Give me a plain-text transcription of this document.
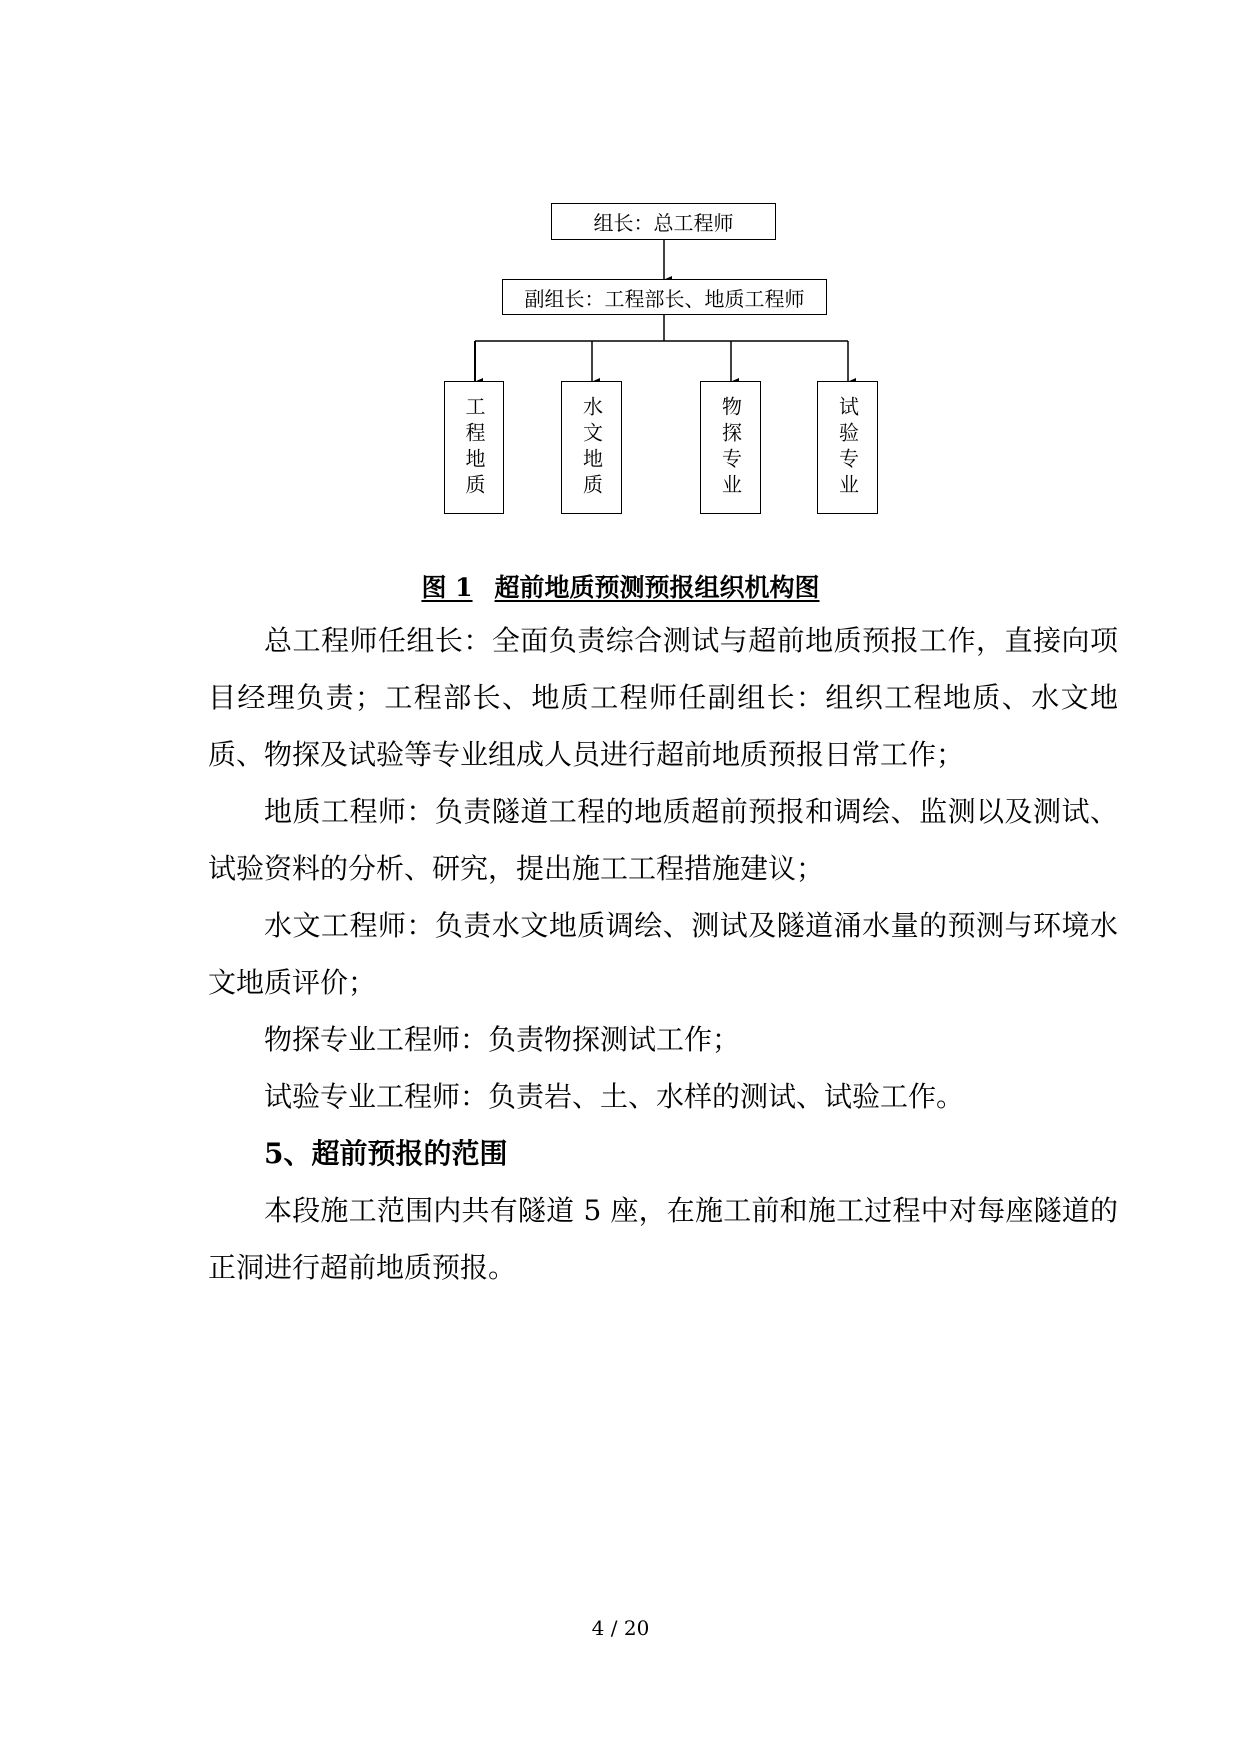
组长：总工程师
副组长：工程部长、地质工程师
工程地质	水文地质	物探专业	试验专业
图 1 超前地质预测预报组织机构图

总工程师任组长：全面负责综合测试与超前地质预报工作，直接向项目经理负责；工程部长、地质工程师任副组长：组织工程地质、水文地质、物探及试验等专业组成人员进行超前地质预报日常工作；

地质工程师：负责隧道工程的地质超前预报和调绘、监测以及测试、试验资料的分析、研究，提出施工工程措施建议；

水文工程师：负责水文地质调绘、测试及隧道涌水量的预测与环境水文地质评价；

物探专业工程师：负责物探测试工作；

试验专业工程师：负责岩、土、水样的测试、试验工作。

5、超前预报的范围

本段施工范围内共有隧道 5 座，在施工前和施工过程中对每座隧道的正洞进行超前地质预报。

4 / 20
